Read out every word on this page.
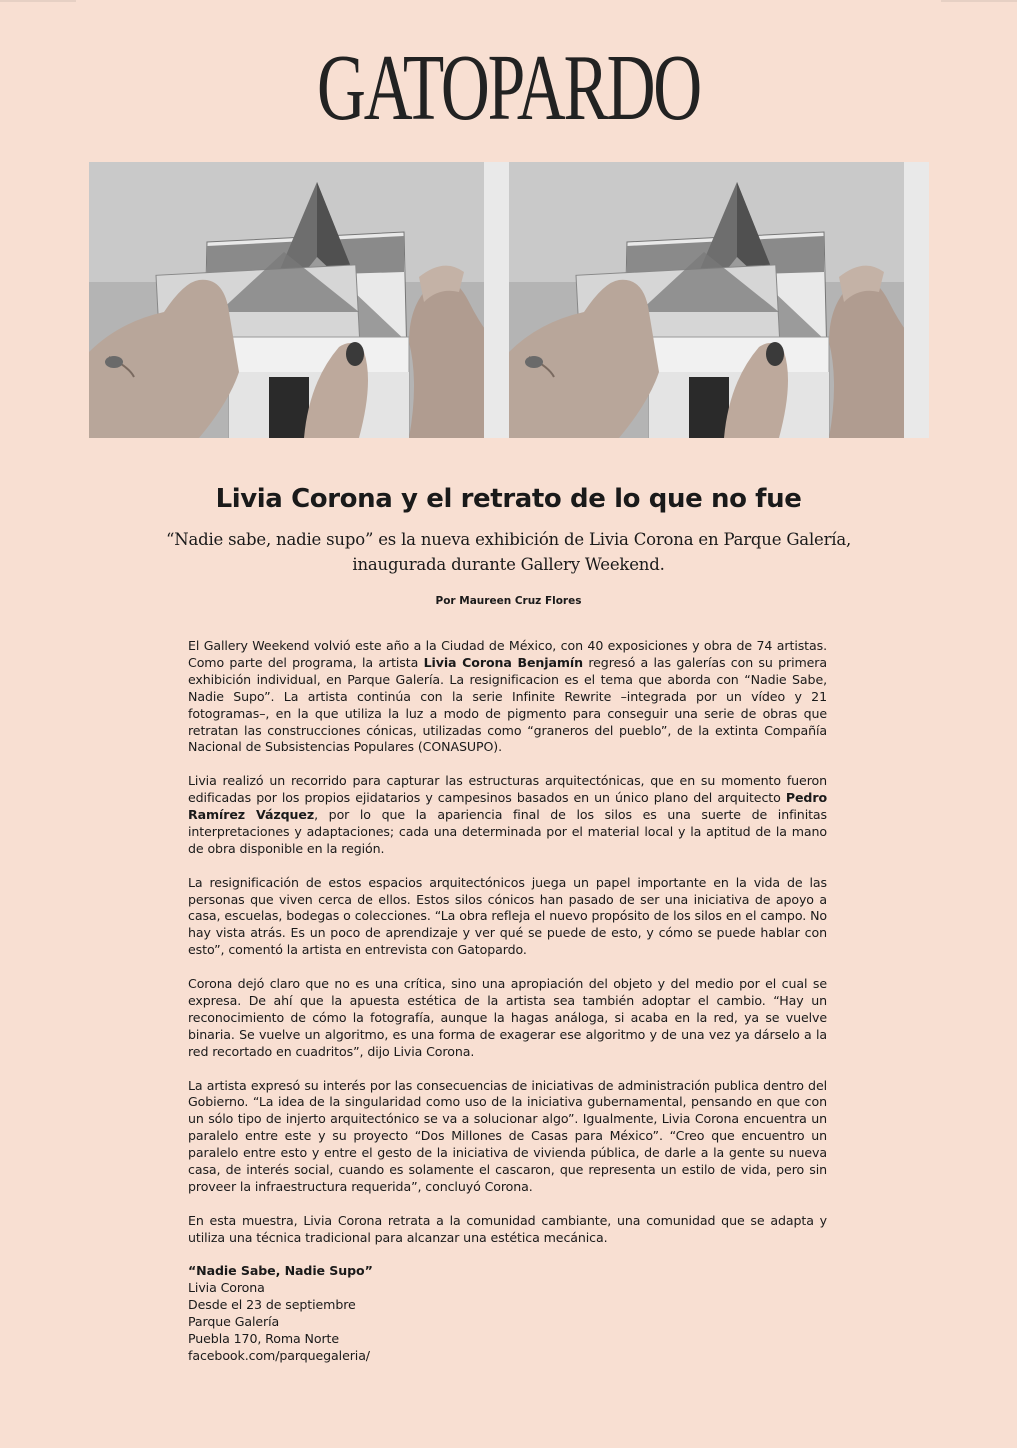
GATOPARDO
Livia Corona y el retrato de lo que no fue

“Nadie sabe, nadie supo” es la nueva exhibición de Livia Corona en Parque Galería, inaugurada durante Gallery Weekend.

Por Maureen Cruz Flores

El Gallery Weekend volvió este año a la Ciudad de México, con 40 exposiciones y obra de 74 artistas. Como parte del programa, la artista Livia Corona Benjamín regresó a las galerías con su primera exhibición individual, en Parque Galería. La resignificacion es el tema que aborda con “Nadie Sabe, Nadie Supo”. La artista continúa con la serie Infinite Rewrite –integrada por un vídeo y 21 fotogramas–, en la que utiliza la luz a modo de pigmento para conseguir una serie de obras que retratan las construcciones cónicas, utilizadas como “graneros del pueblo”, de la extinta Compañía Nacional de Subsistencias Populares (CONASUPO).

Livia realizó un recorrido para capturar las estructuras arquitectónicas, que en su momento fueron edificadas por los propios ejidatarios y campesinos basados en un único plano del arquitecto Pedro Ramírez Vázquez, por lo que la apariencia final de los silos es una suerte de infinitas interpretaciones y adaptaciones; cada una determinada por el material local y la aptitud de la mano de obra disponible en la región.

La resignificación de estos espacios arquitectónicos juega un papel importante en la vida de las personas que viven cerca de ellos. Estos silos cónicos han pasado de ser una iniciativa de apoyo a casa, escuelas, bodegas o colecciones. “La obra refleja el nuevo propósito de los silos en el campo. No hay vista atrás. Es un poco de aprendizaje y ver qué se puede de esto, y cómo se puede hablar con esto”, comentó la artista en entrevista con Gatopardo.

Corona dejó claro que no es una crítica, sino una apropiación del objeto y del medio por el cual se expresa. De ahí que la apuesta estética de la artista sea también adoptar el cambio. “Hay un reconocimiento de cómo la fotografía, aunque la hagas análoga, si acaba en la red, ya se vuelve binaria. Se vuelve un algoritmo, es una forma de exagerar ese algoritmo y de una vez ya dárselo a la red recortado en cuadritos”, dijo Livia Corona.

La artista expresó su interés por las consecuencias de iniciativas de administración publica dentro del Gobierno. “La idea de la singularidad como uso de la iniciativa gubernamental, pensando en que con un sólo tipo de injerto arquitectónico se va a solucionar algo”. Igualmente, Livia Corona encuentra un paralelo entre este y su proyecto “Dos Millones de Casas para México”. “Creo que encuentro un paralelo entre esto y entre el gesto de la iniciativa de vivienda pública, de darle a la gente su nueva casa, de interés social, cuando es solamente el cascaron, que representa un estilo de vida, pero sin proveer la infraestructura requerida”, concluyó Corona.

En esta muestra, Livia Corona retrata a la comunidad cambiante, una comunidad que se adapta y utiliza una técnica tradicional para alcanzar una estética mecánica.

“Nadie Sabe, Nadie Supo”
Livia Corona
Desde el 23 de septiembre
Parque Galería
Puebla 170, Roma Norte
facebook.com/parquegaleria/
